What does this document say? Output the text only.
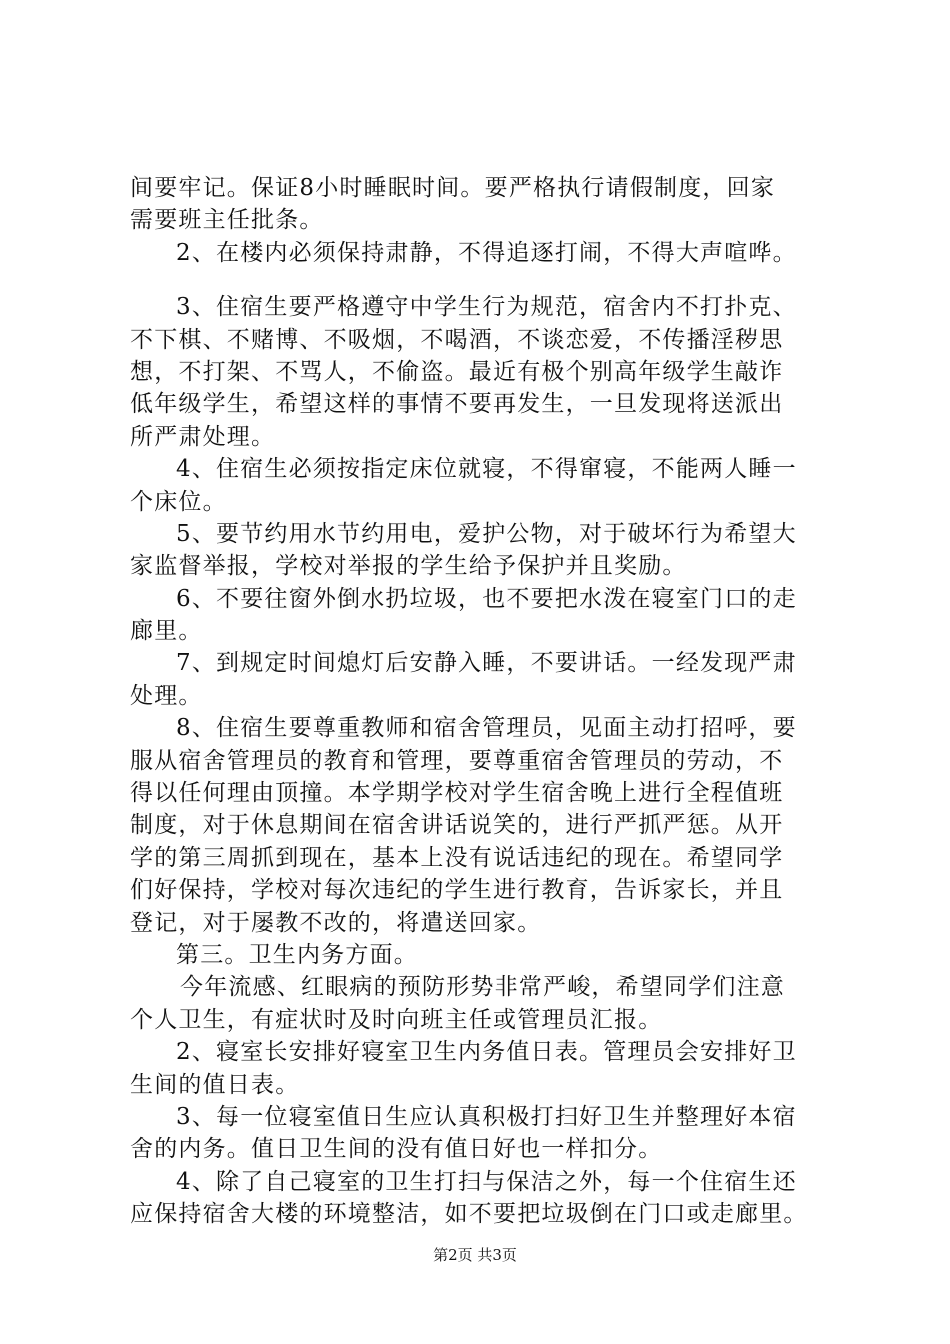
间要牢记。保证8小时睡眠时间。要严格执行请假制度，回家
需要班主任批条。
2、在楼内必须保持肃静，不得追逐打闹，不得大声喧哗。
3、住宿生要严格遵守中学生行为规范，宿舍内不打扑克、
不下棋、不赌博、不吸烟，不喝酒，不谈恋爱，不传播淫秽思
想，不打架、不骂人，不偷盗。最近有极个别高年级学生敲诈
低年级学生，希望这样的事情不要再发生，一旦发现将送派出
所严肃处理。
4、住宿生必须按指定床位就寝，不得窜寝，不能两人睡一
个床位。
5、要节约用水节约用电，爱护公物，对于破坏行为希望大
家监督举报，学校对举报的学生给予保护并且奖励。
6、不要往窗外倒水扔垃圾，也不要把水泼在寝室门口的走
廊里。
7、到规定时间熄灯后安静入睡，不要讲话。一经发现严肃
处理。
8、住宿生要尊重教师和宿舍管理员，见面主动打招呼，要
服从宿舍管理员的教育和管理，要尊重宿舍管理员的劳动，不
得以任何理由顶撞。本学期学校对学生宿舍晚上进行全程值班
制度，对于休息期间在宿舍讲话说笑的，进行严抓严惩。从开
学的第三周抓到现在，基本上没有说话违纪的现在。希望同学
们好保持，学校对每次违纪的学生进行教育，告诉家长，并且
登记，对于屡教不改的，将遣送回家。
第三。卫生内务方面。
今年流感、红眼病的预防形势非常严峻，希望同学们注意
个人卫生，有症状时及时向班主任或管理员汇报。
2、寝室长安排好寝室卫生内务值日表。管理员会安排好卫
生间的值日表。
3、每一位寝室值日生应认真积极打扫好卫生并整理好本宿
舍的内务。值日卫生间的没有值日好也一样扣分。
4、除了自己寝室的卫生打扫与保洁之外，每一个住宿生还
应保持宿舍大楼的环境整洁，如不要把垃圾倒在门口或走廊里。
第2页 共3页
